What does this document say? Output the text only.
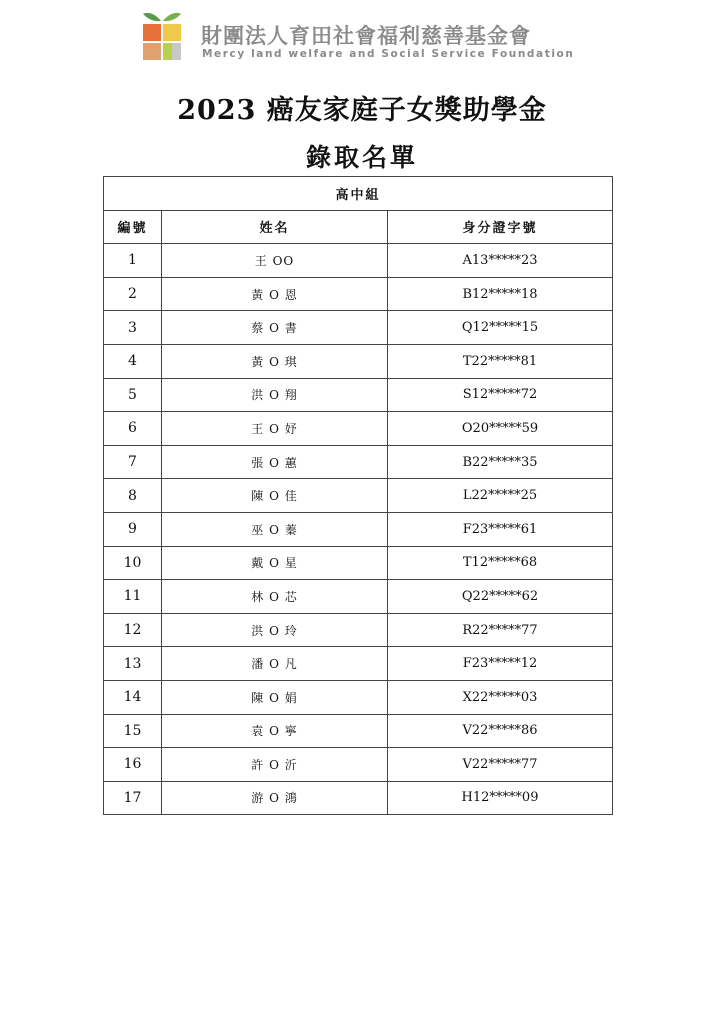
財團法人育田社會福利慈善基金會
Mercy land welfare and Social Service Foundation
2023 癌友家庭子女獎助學金
錄取名單
高中組		
編號	姓名	身分證字號
1	王 OO	A13*****23
2	黃 O 恩	B12*****18
3	蔡 O 書	Q12*****15
4	黃 O 琪	T22*****81
5	洪 O 翔	S12*****72
6	王 O 妤	O20*****59
7	張 O 蕙	B22*****35
8	陳 O 佳	L22*****25
9	巫 O 蓁	F23*****61
10	戴 O 星	T12*****68
11	林 O 芯	Q22*****62
12	洪 O 玲	R22*****77
13	潘 O 凡	F23*****12
14	陳 O 娟	X22*****03
15	袁 O 寧	V22*****86
16	許 O 沂	V22*****77
17	游 O 鴻	H12*****09
